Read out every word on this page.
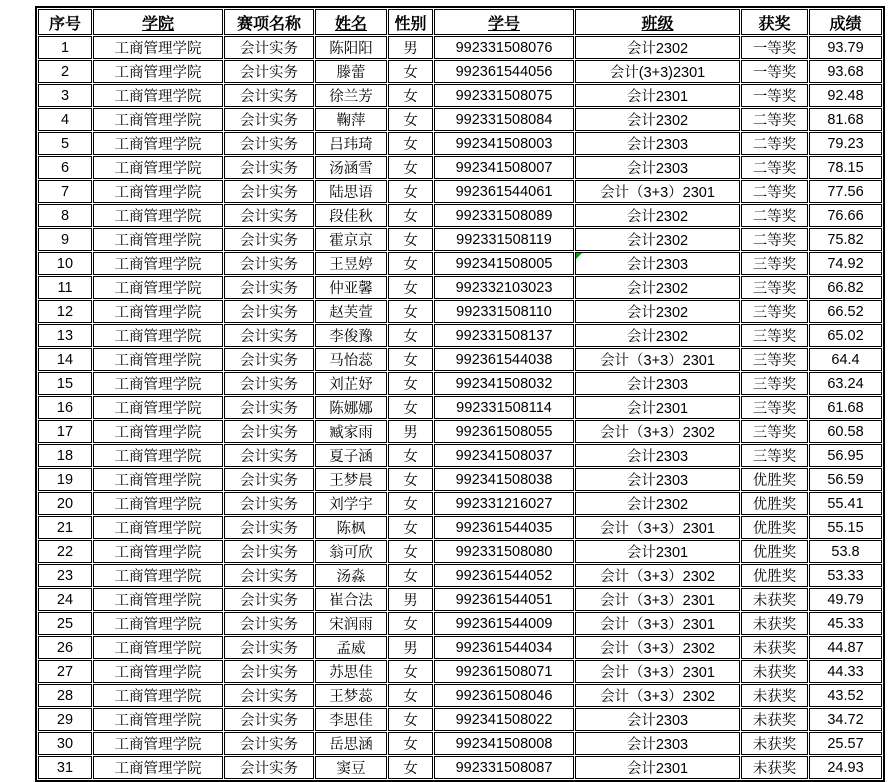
序号	学院	赛项名称	姓名	性别	学号	班级	获奖	成绩
1	工商管理学院	会计实务	陈阳阳	男	992331508076	会计2302	一等奖	93.79
2	工商管理学院	会计实务	滕蕾	女	992361544056	会计(3+3)2301	一等奖	93.68
3	工商管理学院	会计实务	徐兰芳	女	992331508075	会计2301	一等奖	92.48
4	工商管理学院	会计实务	鞠萍	女	992331508084	会计2302	二等奖	81.68
5	工商管理学院	会计实务	吕玮琦	女	992341508003	会计2303	二等奖	79.23
6	工商管理学院	会计实务	汤涵雪	女	992341508007	会计2303	二等奖	78.15
7	工商管理学院	会计实务	陆思语	女	992361544061	会计（3+3）2301	二等奖	77.56
8	工商管理学院	会计实务	段佳秋	女	992331508089	会计2302	二等奖	76.66
9	工商管理学院	会计实务	霍京京	女	992331508119	会计2302	二等奖	75.82
10	工商管理学院	会计实务	王昱婷	女	992341508005	会计2303	三等奖	74.92
11	工商管理学院	会计实务	仲亚馨	女	992332103023	会计2302	三等奖	66.82
12	工商管理学院	会计实务	赵芙萱	女	992331508110	会计2302	三等奖	66.52
13	工商管理学院	会计实务	李俊豫	女	992331508137	会计2302	三等奖	65.02
14	工商管理学院	会计实务	马怡蕊	女	992361544038	会计（3+3）2301	三等奖	64.4
15	工商管理学院	会计实务	刘芷妤	女	992341508032	会计2303	三等奖	63.24
16	工商管理学院	会计实务	陈娜娜	女	992331508114	会计2301	三等奖	61.68
17	工商管理学院	会计实务	臧家雨	男	992361508055	会计（3+3）2302	三等奖	60.58
18	工商管理学院	会计实务	夏子涵	女	992341508037	会计2303	三等奖	56.95
19	工商管理学院	会计实务	王梦晨	女	992341508038	会计2303	优胜奖	56.59
20	工商管理学院	会计实务	刘学宇	女	992331216027	会计2302	优胜奖	55.41
21	工商管理学院	会计实务	陈枫	女	992361544035	会计（3+3）2301	优胜奖	55.15
22	工商管理学院	会计实务	翁可欣	女	992331508080	会计2301	优胜奖	53.8
23	工商管理学院	会计实务	汤淼	女	992361544052	会计（3+3）2302	优胜奖	53.33
24	工商管理学院	会计实务	崔合法	男	992361544051	会计（3+3）2301	未获奖	49.79
25	工商管理学院	会计实务	宋润雨	女	992361544009	会计（3+3）2301	未获奖	45.33
26	工商管理学院	会计实务	孟威	男	992361544034	会计（3+3）2302	未获奖	44.87
27	工商管理学院	会计实务	苏思佳	女	992361508071	会计（3+3）2301	未获奖	44.33
28	工商管理学院	会计实务	王梦蕊	女	992361508046	会计（3+3）2302	未获奖	43.52
29	工商管理学院	会计实务	李思佳	女	992341508022	会计2303	未获奖	34.72
30	工商管理学院	会计实务	岳思涵	女	992341508008	会计2303	未获奖	25.57
31	工商管理学院	会计实务	窦豆	女	992331508087	会计2301	未获奖	24.93
